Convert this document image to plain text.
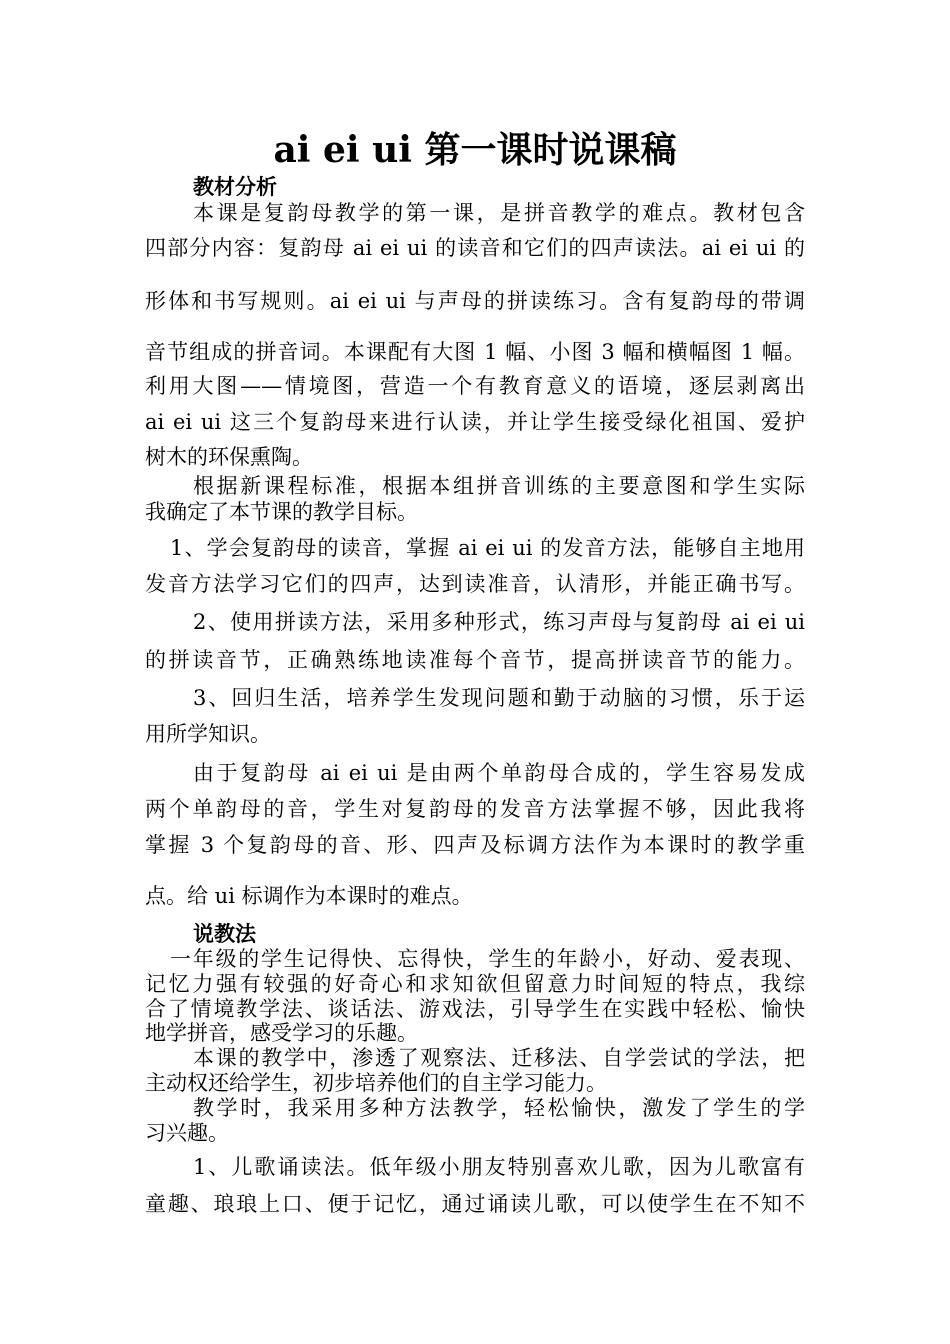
ai ei ui 第一课时说课稿
教材分析
本课是复韵母教学的第一课，是拼音教学的难点。教材包含
四部分内容：复韵母 ai ei ui 的读音和它们的四声读法。ai ei ui 的
形体和书写规则。ai ei ui 与声母的拼读练习。含有复韵母的带调
音节组成的拼音词。本课配有大图 1 幅、小图 3 幅和横幅图 1 幅。
利用大图——情境图，营造一个有教育意义的语境，逐层剥离出
ai ei ui 这三个复韵母来进行认读，并让学生接受绿化祖国、爱护
树木的环保熏陶。
根据新课程标准，根据本组拼音训练的主要意图和学生实际
我确定了本节课的教学目标。
1、学会复韵母的读音，掌握 ai ei ui 的发音方法，能够自主地用
发音方法学习它们的四声，达到读准音，认清形，并能正确书写。
2、使用拼读方法，采用多种形式，练习声母与复韵母 ai ei ui
的拼读音节，正确熟练地读准每个音节，提高拼读音节的能力。
3、回归生活，培养学生发现问题和勤于动脑的习惯，乐于运
用所学知识。
由于复韵母 ai ei ui 是由两个单韵母合成的，学生容易发成
两个单韵母的音，学生对复韵母的发音方法掌握不够，因此我将
掌握 3 个复韵母的音、形、四声及标调方法作为本课时的教学重
点。给 ui 标调作为本课时的难点。
说教法
一年级的学生记得快、忘得快，学生的年龄小，好动、爱表现、
记忆力强有较强的好奇心和求知欲但留意力时间短的特点，我综
合了情境教学法、谈话法、游戏法，引导学生在实践中轻松、愉快
地学拼音，感受学习的乐趣。
本课的教学中，渗透了观察法、迁移法、自学尝试的学法，把
主动权还给学生，初步培养他们的自主学习能力。
教学时，我采用多种方法教学，轻松愉快，激发了学生的学
习兴趣。
1、儿歌诵读法。低年级小朋友特别喜欢儿歌，因为儿歌富有
童趣、琅琅上口、便于记忆，通过诵读儿歌，可以使学生在不知不
